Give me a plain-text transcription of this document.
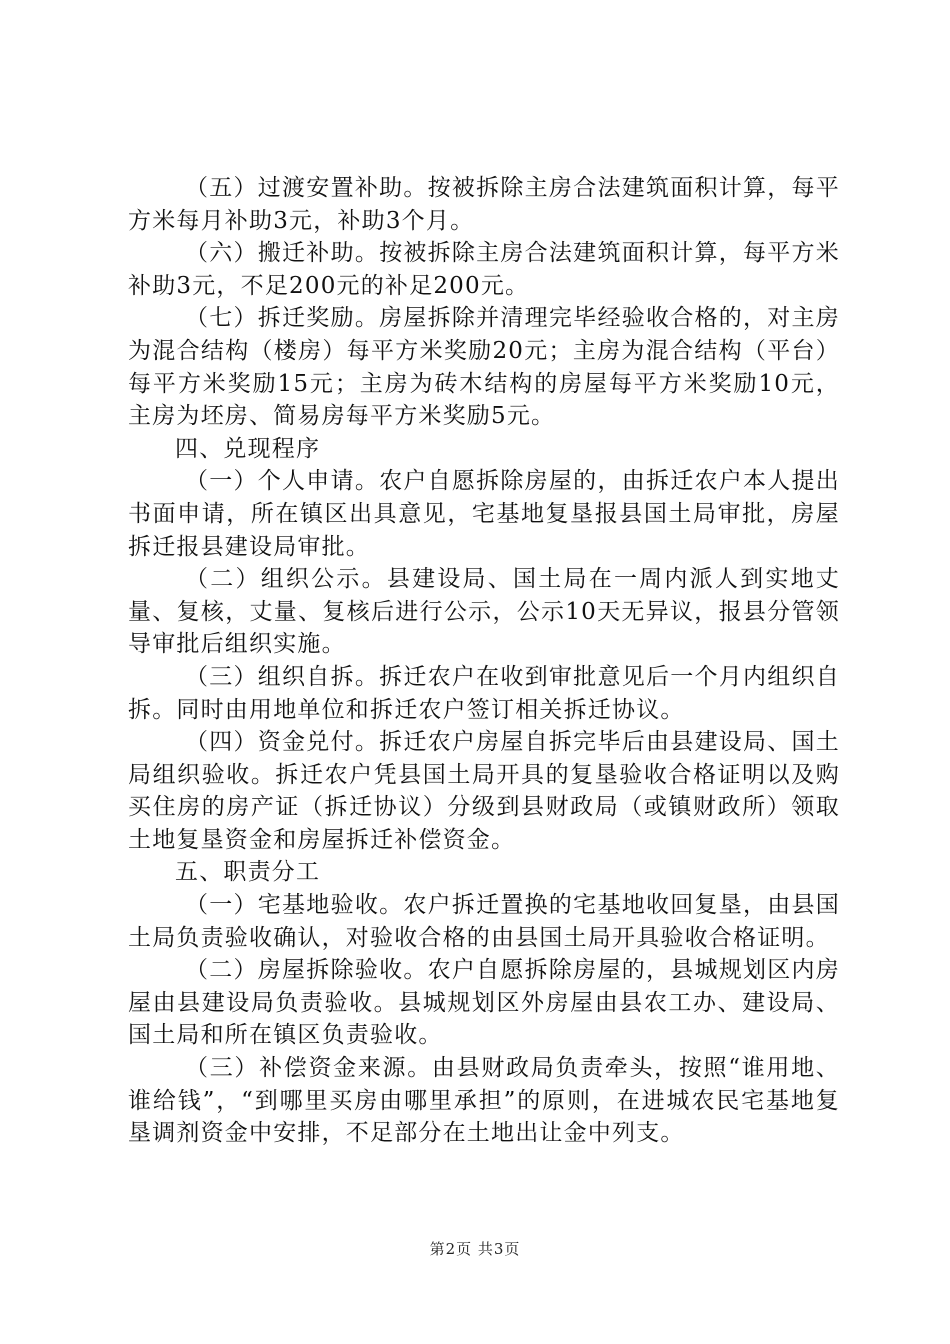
（五）过渡安置补助。按被拆除主房合法建筑面积计算，每平方米每月补助3元，补助3个月。

（六）搬迁补助。按被拆除主房合法建筑面积计算，每平方米补助3元，不足200元的补足200元。

（七）拆迁奖励。房屋拆除并清理完毕经验收合格的，对主房为混合结构（楼房）每平方米奖励20元；主房为混合结构（平台）每平方米奖励15元；主房为砖木结构的房屋每平方米奖励10元，主房为坯房、简易房每平方米奖励5元。

四、兑现程序

（一）个人申请。农户自愿拆除房屋的，由拆迁农户本人提出书面申请，所在镇区出具意见，宅基地复垦报县国土局审批，房屋拆迁报县建设局审批。

（二）组织公示。县建设局、国土局在一周内派人到实地丈量、复核，丈量、复核后进行公示，公示10天无异议，报县分管领导审批后组织实施。

（三）组织自拆。拆迁农户在收到审批意见后一个月内组织自拆。同时由用地单位和拆迁农户签订相关拆迁协议。

（四）资金兑付。拆迁农户房屋自拆完毕后由县建设局、国土局组织验收。拆迁农户凭县国土局开具的复垦验收合格证明以及购买住房的房产证（拆迁协议）分级到县财政局（或镇财政所）领取土地复垦资金和房屋拆迁补偿资金。

五、职责分工

（一）宅基地验收。农户拆迁置换的宅基地收回复垦，由县国土局负责验收确认，对验收合格的由县国土局开具验收合格证明。

（二）房屋拆除验收。农户自愿拆除房屋的，县城规划区内房屋由县建设局负责验收。县城规划区外房屋由县农工办、建设局、国土局和所在镇区负责验收。

（三）补偿资金来源。由县财政局负责牵头，按照“谁用地、谁给钱”，“到哪里买房由哪里承担”的原则，在进城农民宅基地复垦调剂资金中安排，不足部分在土地出让金中列支。

第2页 共3页
